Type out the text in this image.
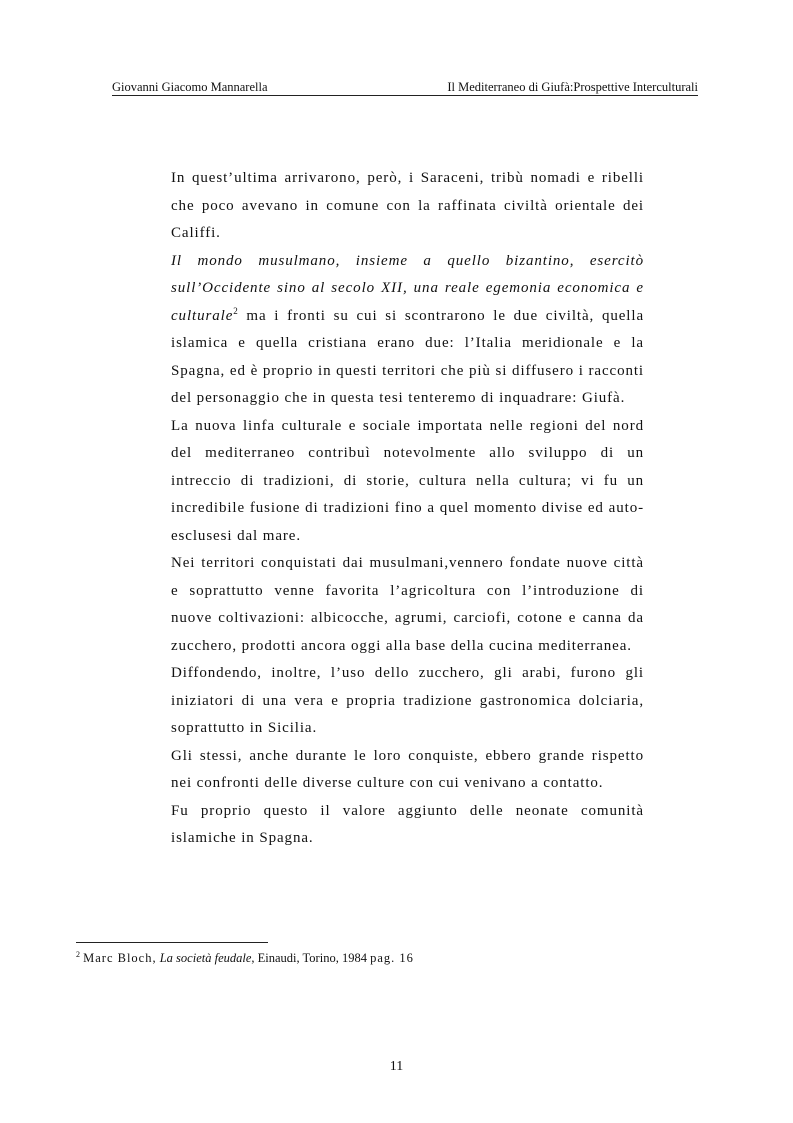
Giovanni Giacomo Mannarella	Il Mediterraneo di Giufà:Prospettive Interculturali

In quest’ultima arrivarono, però, i Saraceni, tribù nomadi e ribelli che poco avevano in comune con la raffinata civiltà orientale dei Califfi.

Il mondo musulmano, insieme a quello bizantino, esercitò sull’Occidente sino al secolo XII, una reale egemonia economica e culturale$^2$ ma i fronti su cui si scontrarono le due civiltà, quella islamica e quella cristiana erano due: l’Italia meridionale e la Spagna, ed è proprio in questi territori che più si diffusero i racconti del personaggio che in questa tesi tenteremo di inquadrare: Giufà.

La nuova linfa culturale e sociale importata nelle regioni del nord del mediterraneo contribuì notevolmente allo sviluppo di un intreccio di tradizioni, di storie, cultura nella cultura; vi fu un incredibile fusione di tradizioni fino a quel momento divise ed auto-esclusesi dal mare.

Nei territori conquistati dai musulmani,vennero fondate nuove città e soprattutto venne favorita l’agricoltura con l’introduzione di nuove coltivazioni: albicocche, agrumi, carciofi, cotone e canna da zucchero, prodotti ancora oggi alla base della cucina mediterranea.

Diffondendo, inoltre, l’uso dello zucchero, gli arabi, furono gli iniziatori di una vera e propria tradizione gastronomica dolciaria, soprattutto in Sicilia.

Gli stessi, anche durante le loro conquiste, ebbero grande rispetto nei confronti delle diverse culture con cui venivano a contatto.

Fu proprio questo il valore aggiunto delle neonate comunità islamiche in Spagna.

$^2$ Marc Bloch, La società feudale, Einaudi, Torino, 1984 pag. 16
11
